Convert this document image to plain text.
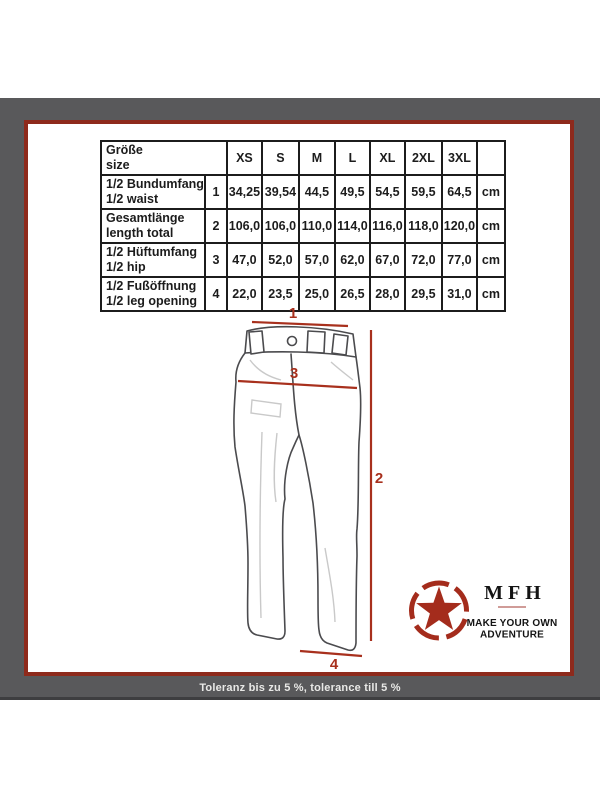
Größe
size		XS	S	M	L	XL	2XL	3XL	

1/2 Bundumfang
1/2 waist	1	34,25	39,54	44,5	49,5	54,5	59,5	64,5	cm

Gesamtlänge
length total	2	106,0	106,0	110,0	114,0	116,0	118,0	120,0	cm

1/2 Hüftumfang
1/2 hip	3	47,0	52,0	57,0	62,0	67,0	72,0	77,0	cm

1/2 Fußöffnung
1/2 leg opening	4	22,0	23,5	25,0	26,5	28,0	29,5	31,0	cm
1
3
2
4
MFH
MAKE YOUR OWN
ADVENTURE
Toleranz bis zu 5 %, tolerance till 5 %
